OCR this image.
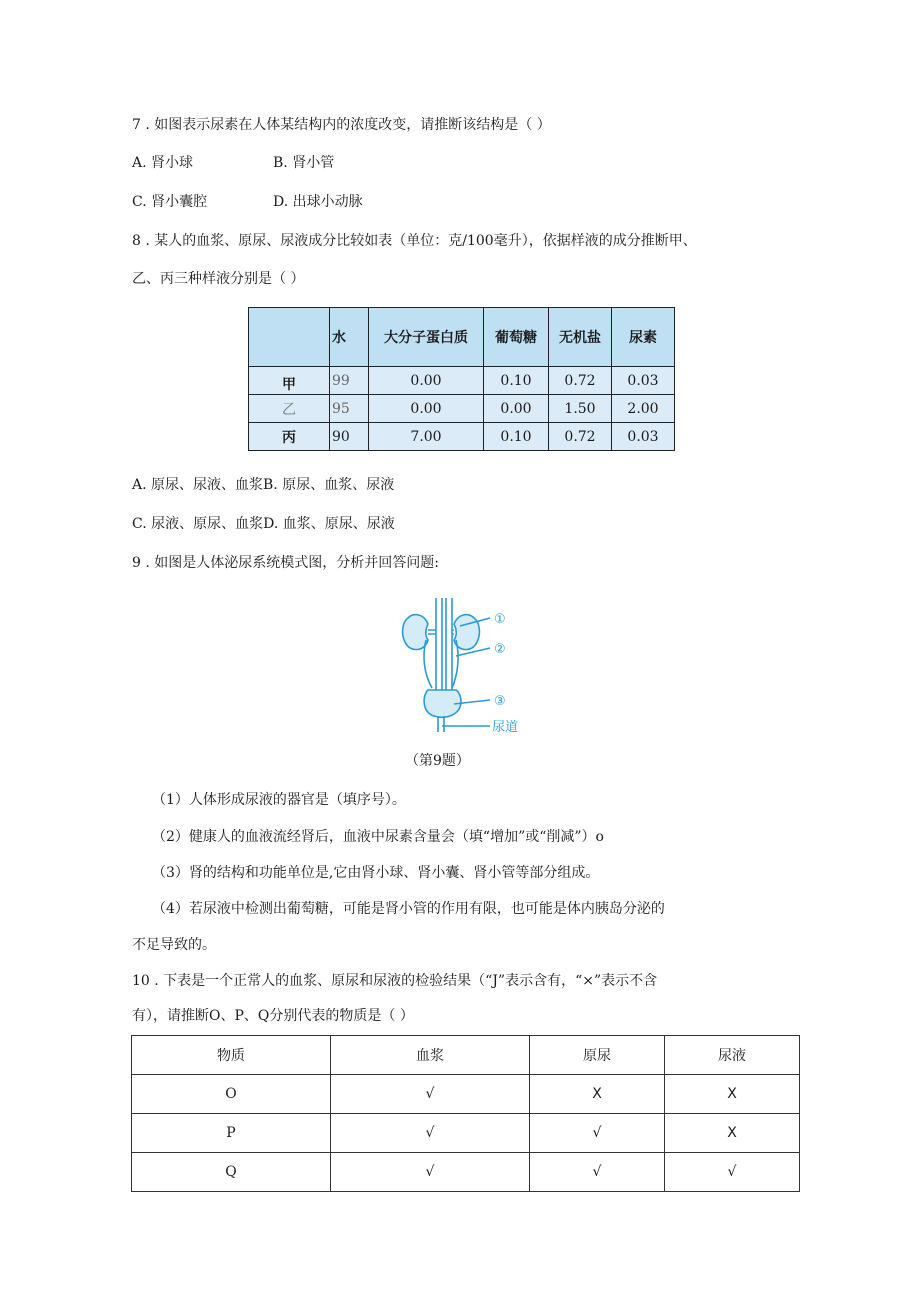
7 . 如图表示尿素在人体某结构内的浓度改变，请推断该结构是（ ）
A. 肾小球	B. 肾小管
C. 肾小囊腔	D. 出球小动脉
8 . 某人的血浆、原尿、尿液成分比较如表（单位：克/100毫升），依据样液的成分推断甲、
乙、丙三种样液分别是（ ）
	水	大分子蛋白质	葡萄糖	无机盐	尿素
甲	99	0.00	0.10	0.72	0.03
乙	95	0.00	0.00	1.50	2.00
丙	90	7.00	0.10	0.72	0.03
A. 原尿、尿液、血浆B. 原尿、血浆、尿液
C. 尿液、原尿、血浆D. 血浆、原尿、尿液
9 . 如图是人体泌尿系统模式图，分析并回答问题:
①
②
③
尿道
（第9题）
（1）人体形成尿液的器官是（填序号）。
（2）健康人的血液流经肾后，血液中尿素含量会（填“增加”或“削减”）o
（3）肾的结构和功能单位是,它由肾小球、肾小囊、肾小管等部分组成。
（4）若尿液中检测出葡萄糖，可能是肾小管的作用有限，也可能是体内胰岛分泌的
不足导致的。
10 . 下表是一个正常人的血浆、原尿和尿液的检验结果（“J”表示含有，“×”表示不含
有），请推断O、P、Q分别代表的物质是（ ）
物质	血浆	原尿	尿液
O	√	X	X
P	√	√	X
Q	√	√	√
